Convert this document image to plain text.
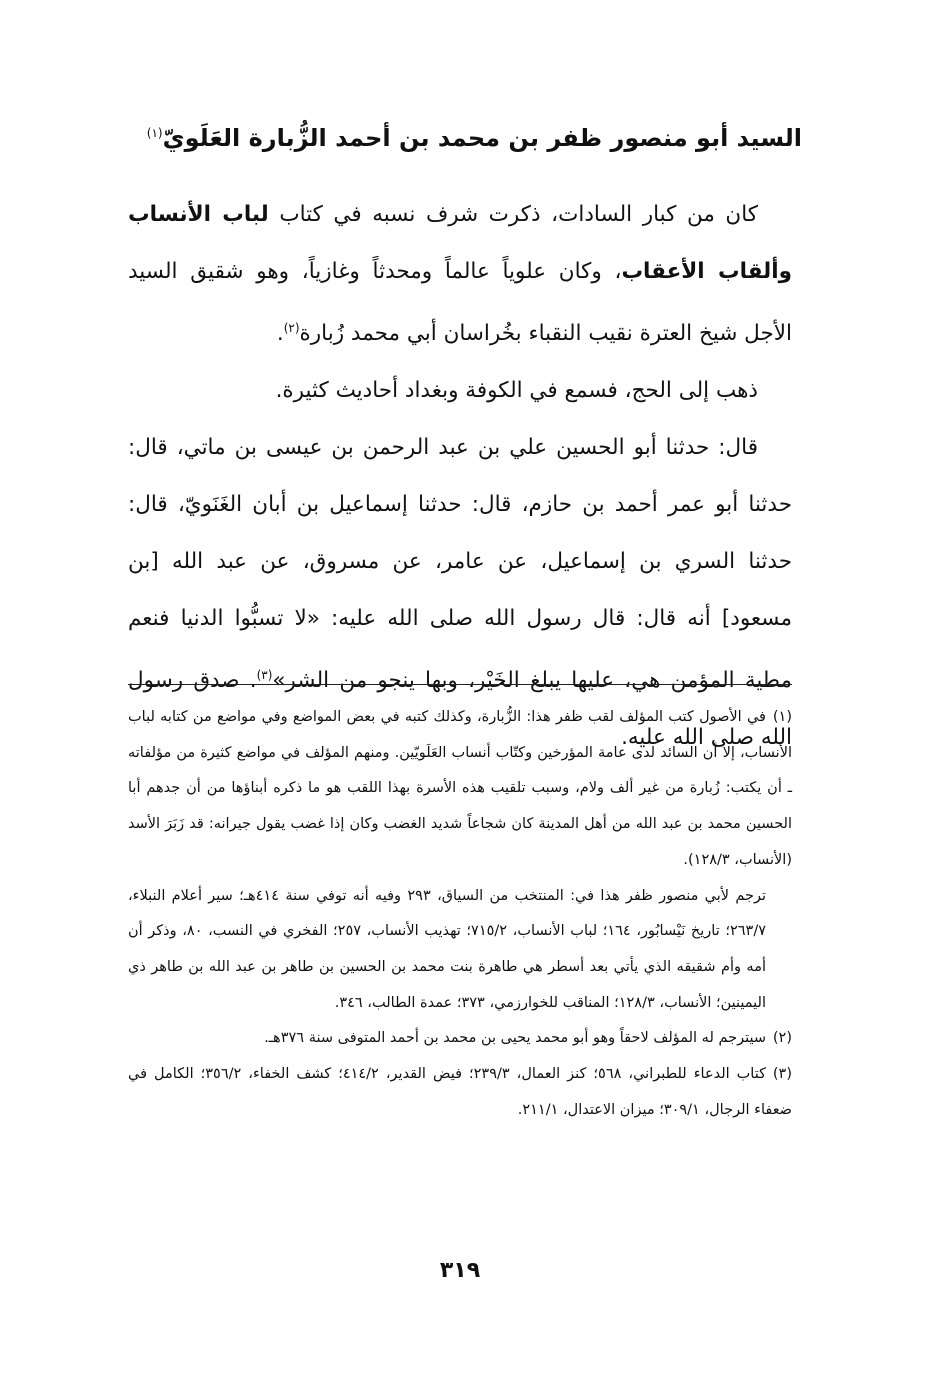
السيد أبو منصور ظفر بن محمد بن أحمد الزُّبارة العَلَويّ$^{(١)}$

كان من كبار السادات، ذكرت شرف نسبه في كتاب لباب الأنساب وألقاب الأعقاب، وكان علوياً عالماً ومحدثاً وغازياً، وهو شقيق السيد الأجل شيخ العترة نقيب النقباء بخُراسان أبي محمد زُبارة$^{(٢)}$.

ذهب إلى الحج، فسمع في الكوفة وبغداد أحاديث كثيرة.

قال: حدثنا أبو الحسين علي بن عبد الرحمن بن عيسى بن ماتي، قال: حدثنا أبو عمر أحمد بن حازم، قال: حدثنا إسماعيل بن أبان الغَنَويّ، قال: حدثنا السري بن إسماعيل، عن عامر، عن مسروق، عن عبد الله [بن مسعود] أنه قال: قال رسول الله صلى الله عليه: «لا تسبُّوا الدنيا فنعم مطية المؤمن هي، عليها يبلغ الخَيْر، وبها ينجو من الشر»$^{(٣)}$. صدق رسول الله صلى الله عليه.

(١)في الأصول كتب المؤلف لقب ظفر هذا: الزُّبارة، وكذلك كتبه في بعض المواضع وفي مواضع من كتابه لباب الأنساب، إلا أن السائد لدى عامة المؤرخين وكتّاب أنساب العَلَويّين. ومنهم المؤلف في مواضع كثيرة من مؤلفاته ـ أن يكتب: زُبارة من غير ألف ولام، وسبب تلقيب هذه الأسرة بهذا اللقب هو ما ذكره أبناؤها من أن جدهم أبا الحسين محمد بن عبد الله من أهل المدينة كان شجاعاً شديد الغضب وكان إذا غضب يقول جيرانه: قد زَبَرَ الأسد (الأنساب، ١٢٨/٣).

ترجم لأبي منصور ظفر هذا في: المنتخب من السياق، ٢٩٣ وفيه أنه توفي سنة ٤١٤هـ؛ سير أعلام النبلاء، ٢٦٣/٧؛ تاريخ نَيْسابُور، ١٦٤؛ لباب الأنساب، ٧١٥/٢؛ تهذيب الأنساب، ٢٥٧؛ الفخري في النسب، ٨٠، وذكر أن أمه وأم شقيقه الذي يأتي بعد أسطر هي طاهرة بنت محمد بن الحسين بن طاهر بن عبد الله بن طاهر ذي اليمينين؛ الأنساب، ١٢٨/٣؛ المناقب للخوارزمي، ٣٧٣؛ عمدة الطالب، ٣٤٦.

(٢)سيترجم له المؤلف لاحقاً وهو أبو محمد يحيى بن محمد بن أحمد المتوفى سنة ٣٧٦هـ.

(٣)كتاب الدعاء للطبراني، ٥٦٨؛ كنز العمال، ٢٣٩/٣؛ فيض القدير، ٤١٤/٢؛ كشف الخفاء، ٣٥٦/٢؛ الكامل في ضعفاء الرجال، ٣٠٩/١؛ ميزان الاعتدال، ٢١١/١.

٣١٩
